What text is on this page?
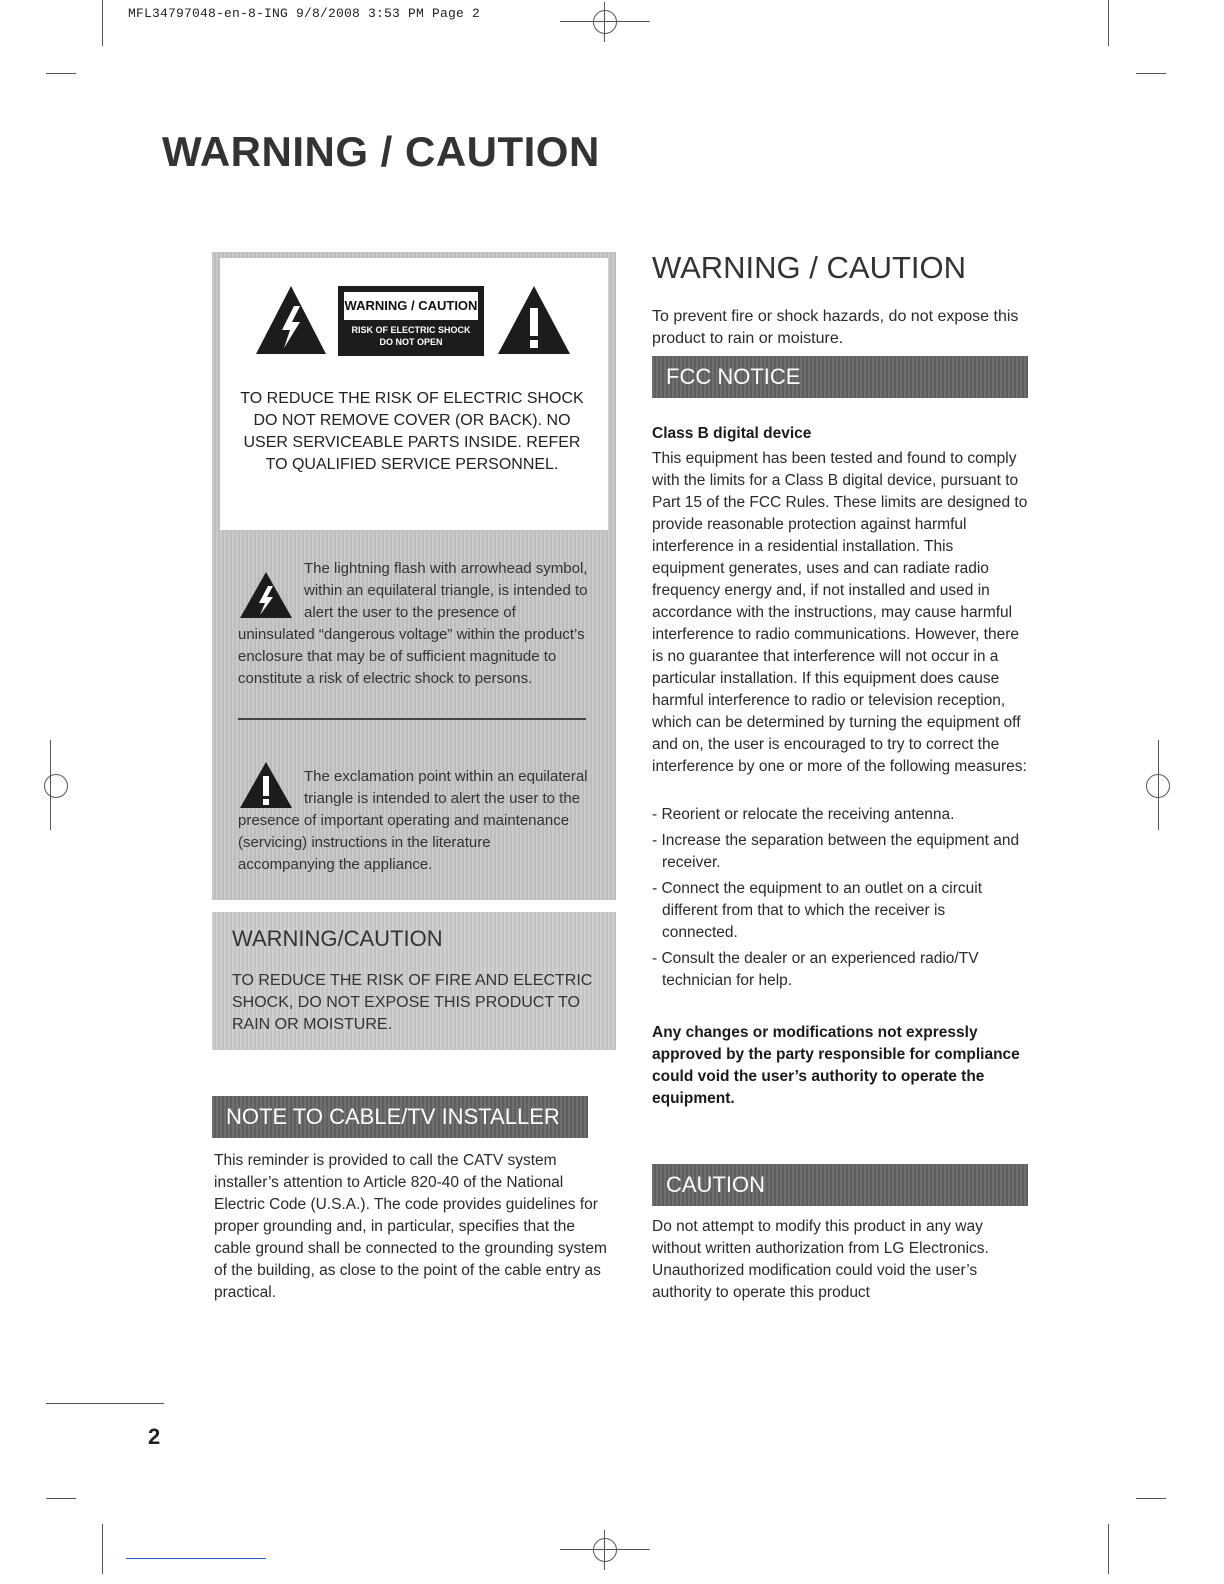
MFL34797048-en-8-ING 9/8/2008 3:53 PM Page 2
WARNING / CAUTION
WARNING / CAUTION
RISK OF ELECTRIC SHOCK
DO NOT OPEN
TO REDUCE THE RISK OF ELECTRIC SHOCK DO NOT REMOVE COVER (OR BACK). NO USER SERVICEABLE PARTS INSIDE. REFER TO QUALIFIED SERVICE PERSONNEL.
The lightning flash with arrowhead symbol, within an equilateral triangle, is intended to alert the user to the presence of uninsulated “dangerous voltage” within the product’s enclosure that may be of sufficient magnitude to constitute a risk of electric shock to persons.
The exclamation point within an equilateral triangle is intended to alert the user to the presence of important operating and maintenance (servicing) instructions in the literature accompanying the appliance.
WARNING/CAUTION
TO REDUCE THE RISK OF FIRE AND ELECTRIC SHOCK, DO NOT EXPOSE THIS PRODUCT TO RAIN OR MOISTURE.
NOTE TO CABLE/TV INSTALLER
This reminder is provided to call the CATV system installer’s attention to Article 820-40 of the National Electric Code (U.S.A.). The code provides guidelines for proper grounding and, in particular, specifies that the cable ground shall be connected to the grounding system of the building, as close to the point of the cable entry as practical.
WARNING / CAUTION
To prevent fire or shock hazards, do not expose this product to rain or moisture.
FCC NOTICE
Class B digital device
This equipment has been tested and found to comply with the limits for a Class B digital device, pursuant to Part 15 of the FCC Rules. These limits are designed to provide reasonable protection against harmful interference in a residential installation. This equipment generates, uses and can radiate radio frequency energy and, if not installed and used in accordance with the instructions, may cause harmful interference to radio communications. However, there is no guarantee that interference will not occur in a particular installation. If this equipment does cause harmful interference to radio or television reception, which can be determined by turning the equipment off and on, the user is encouraged to try to correct the interference by one or more of the following measures:
- Reorient or relocate the receiving antenna.
- Increase the separation between the equipment and receiver.
- Connect the equipment to an outlet on a circuit different from that to which the receiver is connected.
- Consult the dealer or an experienced radio/TV technician for help.
Any changes or modifications not expressly approved by the party responsible for compliance could void the user’s authority to operate the equipment.
CAUTION
Do not attempt to modify this product in any way without written authorization from LG Electronics. Unauthorized modification could void the user’s authority to operate this product
2
